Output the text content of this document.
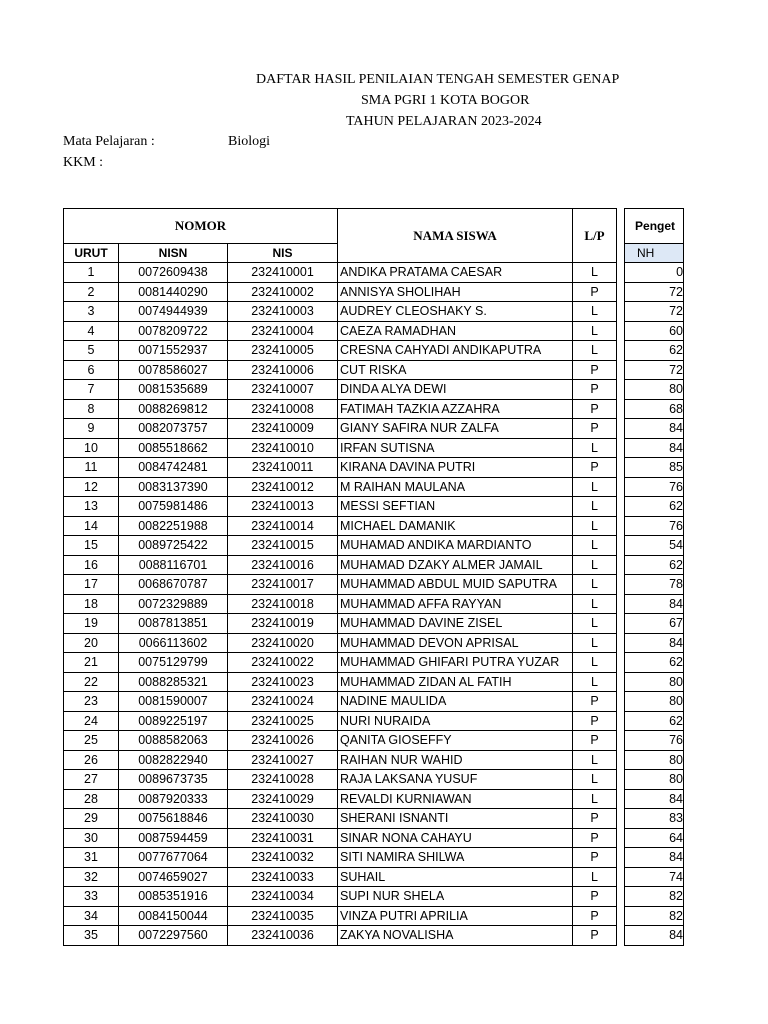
DAFTAR HASIL PENILAIAN TENGAH SEMESTER GENAP
SMA PGRI 1 KOTA BOGOR
TAHUN PELAJARAN 2023-2024
Mata Pelajaran :	Biologi
KKM :
NOMOR			NAMA SISWA	L/P		Penget
URUT	NISN	NIS				NH
1	0072609438	232410001	ANDIKA PRATAMA CAESAR	L		0
2	0081440290	232410002	ANNISYA SHOLIHAH	P		72
3	0074944939	232410003	AUDREY CLEOSHAKY S.	L		72
4	0078209722	232410004	CAEZA RAMADHAN	L		60
5	0071552937	232410005	CRESNA CAHYADI ANDIKAPUTRA	L		62
6	0078586027	232410006	CUT RISKA	P		72
7	0081535689	232410007	DINDA ALYA DEWI	P		80
8	0088269812	232410008	FATIMAH TAZKIA AZZAHRA	P		68
9	0082073757	232410009	GIANY SAFIRA NUR ZALFA	P		84
10	0085518662	232410010	IRFAN SUTISNA	L		84
11	0084742481	232410011	KIRANA DAVINA PUTRI	P		85
12	0083137390	232410012	M RAIHAN MAULANA	L		76
13	0075981486	232410013	MESSI SEFTIAN	L		62
14	0082251988	232410014	MICHAEL DAMANIK	L		76
15	0089725422	232410015	MUHAMAD ANDIKA MARDIANTO	L		54
16	0088116701	232410016	MUHAMAD DZAKY ALMER JAMAIL	L		62
17	0068670787	232410017	MUHAMMAD ABDUL MUID SAPUTRA	L		78
18	0072329889	232410018	MUHAMMAD AFFA RAYYAN	L		84
19	0087813851	232410019	MUHAMMAD DAVINE ZISEL	L		67
20	0066113602	232410020	MUHAMMAD DEVON APRISAL	L		84
21	0075129799	232410022	MUHAMMAD GHIFARI PUTRA YUZAR	L		62
22	0088285321	232410023	MUHAMMAD ZIDAN AL FATIH	L		80
23	0081590007	232410024	NADINE MAULIDA	P		80
24	0089225197	232410025	NURI NURAIDA	P		62
25	0088582063	232410026	QANITA GIOSEFFY	P		76
26	0082822940	232410027	RAIHAN NUR WAHID	L		80
27	0089673735	232410028	RAJA LAKSANA YUSUF	L		80
28	0087920333	232410029	REVALDI KURNIAWAN	L		84
29	0075618846	232410030	SHERANI ISNANTI	P		83
30	0087594459	232410031	SINAR NONA CAHAYU	P		64
31	0077677064	232410032	SITI NAMIRA SHILWA	P		84
32	0074659027	232410033	SUHAIL	L		74
33	0085351916	232410034	SUPI NUR SHELA	P		82
34	0084150044	232410035	VINZA PUTRI APRILIA	P		82
35	0072297560	232410036	ZAKYA NOVALISHA	P		84
